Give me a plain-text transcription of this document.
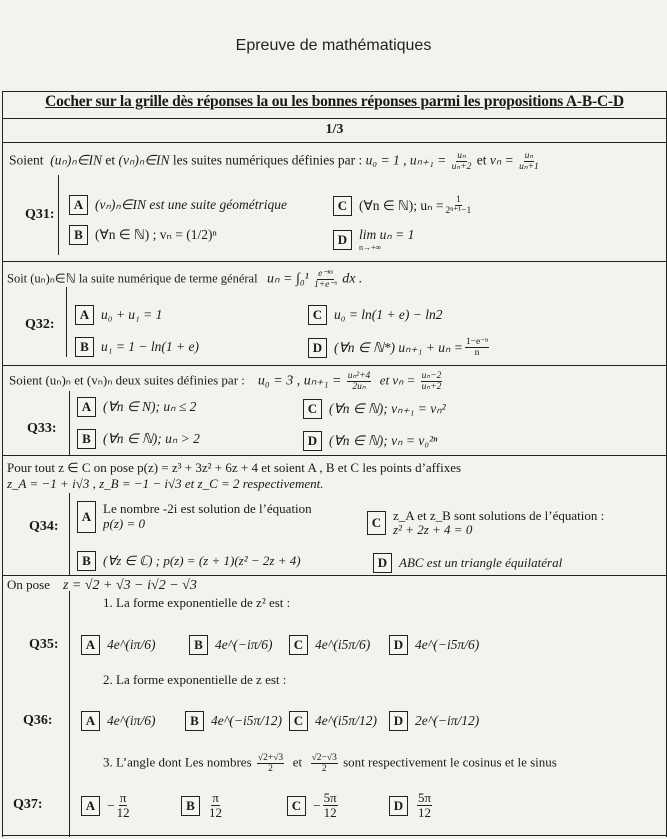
Epreuve de mathématiques
Cocher sur la grille dès réponses la ou les bonnes réponses parmi les propositions A-B-C-D
1/3
Soient (uₙ)ₙ∈IN et (vₙ)ₙ∈IN les suites numériques définies par : u₀ = 1 , $u_{n+1} = \frac{\text{uₙ}}{\text{uₙ+2}}$ et $v_n = \frac{\text{uₙ}}{\text{uₙ+1}}$
Q31:
A (vₙ)ₙ∈IN est une suite géométrique
B (∀n ∈ ℕ) ; vₙ = (1/2)ⁿ
C (∀n ∈ ℕ); $u_n = \frac{1}{\text{2ⁿ⁺¹−1}}$
D lim uₙ = 1
n→+∞
Soit (uₙ)ₙ∈ℕ la suite numérique de terme général $u_n = \int_0^1 \frac{\text{e⁻ⁿˣ}}{\text{1+e⁻ˣ}}$ dx .
Q32:
A u₀ + u₁ = 1
B u₁ = 1 − ln(1 + e)
C u₀ = ln(1 + e) − ln2
D (∀n ∈ ℕ*) $u_{n+1} + u_n = \frac{\text{1−e⁻ⁿ}}{n}$
Soient (uₙ)ₙ et (vₙ)ₙ deux suites définies par : u₀ = 3 , $u_{n+1} = \frac{\text{uₙ²+4}}{\text{2uₙ}}$ et $v_n = \frac{\text{uₙ−2}}{\text{uₙ+2}}$
Q33:
A (∀n ∈ N); uₙ ≤ 2
B (∀n ∈ ℕ); uₙ > 2
C (∀n ∈ ℕ); vₙ₊₁ = vₙ²
D (∀n ∈ ℕ); vₙ = v₀²ⁿ
Pour tout z ∈ C on pose p(z) = z³ + 3z² + 6z + 4 et soient A , B et C les points d’affixes
z_A = −1 + i√3 , z_B = −1 − i√3 et z_C = 2 respectivement.
Q34:
A
Le nombre -2i est solution de l’équation
p(z) = 0
B (∀z ∈ ℂ) ; p(z) = (z + 1)(z² − 2z + 4)
C z_A et z_B sont solutions de l’équation :
z² + 2z + 4 = 0
D ABC est un triangle équilatéral
On pose z = √2 + √3 − i√2 − √3
1. La forme exponentielle de z² est :
Q35:	A 4e^(iπ/6)	B 4e^(−iπ/6)	C 4e^(i5π/6)	D 4e^(−i5π/6)
2. La forme exponentielle de z est :
Q36:	A 4e^(iπ/6)	B 4e^(−i5π/12) C 4e^(i5π/12)	D 2e^(−iπ/12)
3. L’angle dont Les nombres $\frac{√2+√3}{2}$ et $\frac{√2-√3}{2}$ sont respectivement le cosinus et le sinus
Q37:	$A - \frac{\pi}{12}$	B	$\frac{\pi}{12}$	$C - \frac{5\pi}{12}$	D	$\frac{5\pi}{12}$
